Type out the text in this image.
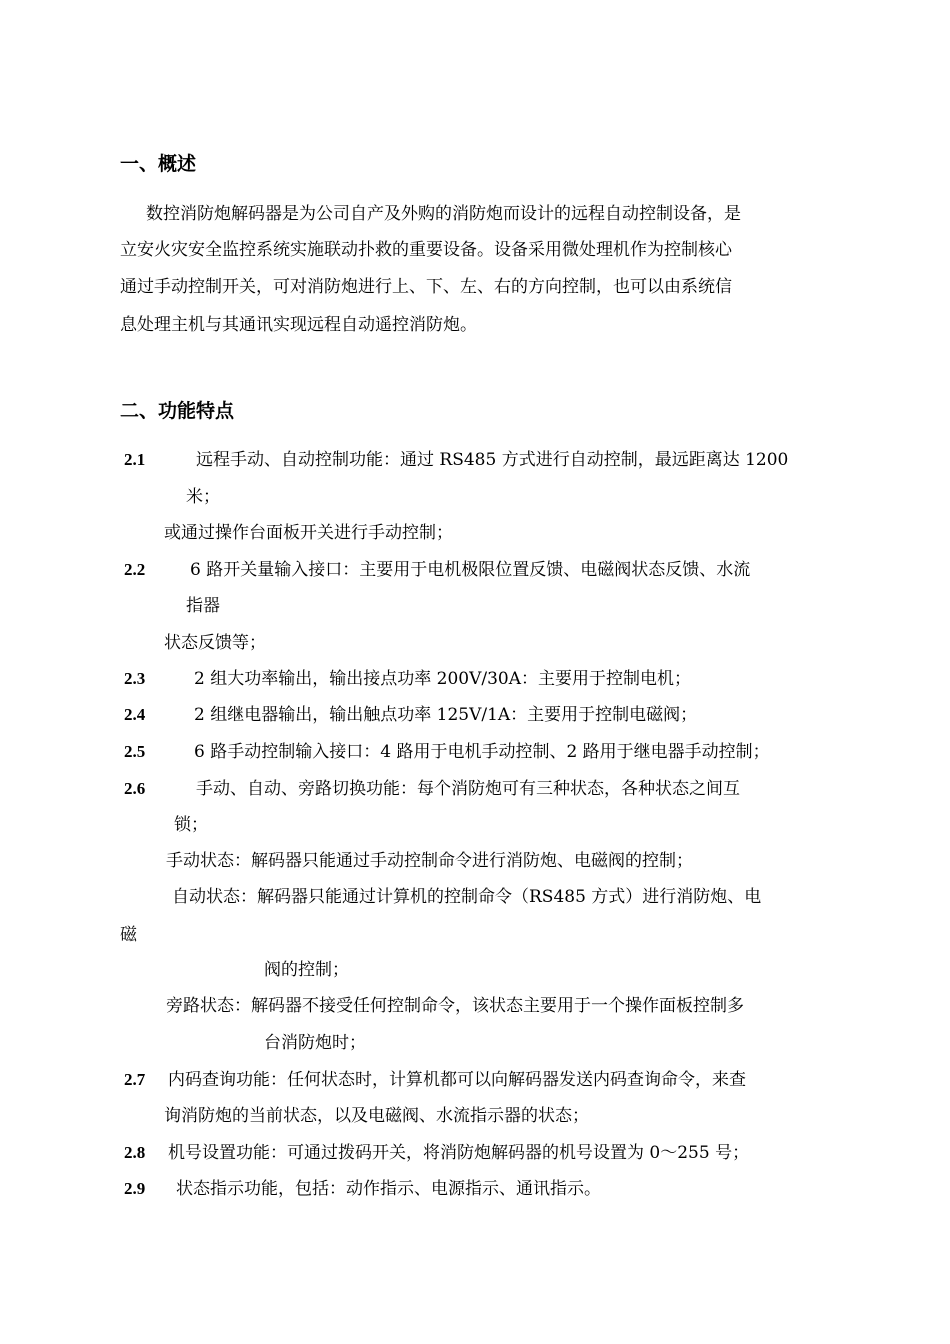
一、概述
数控消防炮解码器是为公司自产及外购的消防炮而设计的远程自动控制设备，是
立安火灾安全监控系统实施联动扑救的重要设备。设备采用微处理机作为控制核心
通过手动控制开关，可对消防炮进行上、下、左、右的方向控制，也可以由系统信
息处理主机与其通讯实现远程自动遥控消防炮。
二、功能特点
2.1	远程手动、自动控制功能：通过 RS485 方式进行自动控制，最远距离达 1200
米；
或通过操作台面板开关进行手动控制；
2.2	6 路开关量输入接口：主要用于电机极限位置反馈、电磁阀状态反馈、水流
指器
状态反馈等；
2.3	2 组大功率输出，输出接点功率 200V/30A：主要用于控制电机；
2.4	2 组继电器输出，输出触点功率 125V/1A：主要用于控制电磁阀；
2.5	6 路手动控制输入接口：4 路用于电机手动控制、2 路用于继电器手动控制；
2.6	手动、自动、旁路切换功能：每个消防炮可有三种状态，各种状态之间互
锁；
手动状态：解码器只能通过手动控制命令进行消防炮、电磁阀的控制；
自动状态：解码器只能通过计算机的控制命令（RS485 方式）进行消防炮、电
磁
阀的控制；
旁路状态：解码器不接受任何控制命令，该状态主要用于一个操作面板控制多
台消防炮时；
2.7 内码查询功能：任何状态时，计算机都可以向解码器发送内码查询命令，来查
询消防炮的当前状态，以及电磁阀、水流指示器的状态；
2.8 机号设置功能：可通过拨码开关，将消防炮解码器的机号设置为 0～255 号；
2.9 状态指示功能，包括：动作指示、电源指示、通讯指示。
